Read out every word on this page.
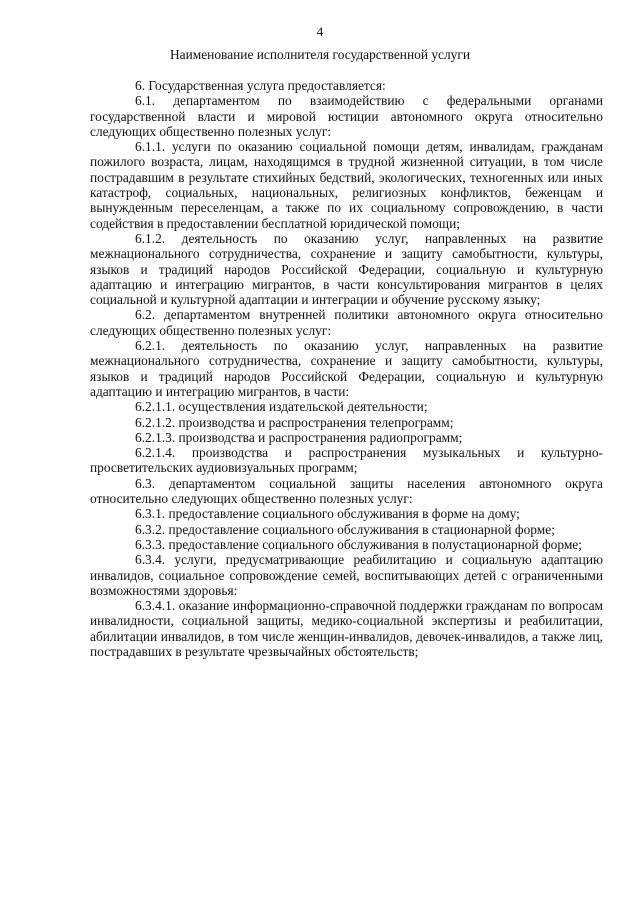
4
Наименование исполнителя государственной услуги

6. Государственная услуга предоставляется:

6.1. департаментом по взаимодействию с федеральными органами государственной власти и мировой юстиции автономного округа относительно следующих общественно полезных услуг:

6.1.1. услуги по оказанию социальной помощи детям, инвалидам, гражданам пожилого возраста, лицам, находящимся в трудной жизненной ситуации, в том числе пострадавшим в результате стихийных бедствий, экологических, техногенных или иных катастроф, социальных, национальных, религиозных конфликтов, беженцам и вынужденным переселенцам, а также по их социальному сопровождению, в части содействия в предоставлении бесплатной юридической помощи;

6.1.2. деятельность по оказанию услуг, направленных на развитие межнационального сотрудничества, сохранение и защиту самобытности, культуры, языков и традиций народов Российской Федерации, социальную и культурную адаптацию и интеграцию мигрантов, в части консультирования мигрантов в целях социальной и культурной адаптации и интеграции и обучение русскому языку;

6.2. департаментом внутренней политики автономного округа относительно следующих общественно полезных услуг:

6.2.1. деятельность по оказанию услуг, направленных на развитие межнационального сотрудничества, сохранение и защиту самобытности, культуры, языков и традиций народов Российской Федерации, социальную и культурную адаптацию и интеграцию мигрантов, в части:

6.2.1.1. осуществления издательской деятельности;

6.2.1.2. производства и распространения телепрограмм;

6.2.1.3. производства и распространения радиопрограмм;

6.2.1.4. производства и распространения музыкальных и культурно-просветительских аудиовизуальных программ;

6.3. департаментом социальной защиты населения автономного округа относительно следующих общественно полезных услуг:

6.3.1. предоставление социального обслуживания в форме на дому;

6.3.2. предоставление социального обслуживания в стационарной форме;

6.3.3. предоставление социального обслуживания в полустационарной форме;

6.3.4. услуги, предусматривающие реабилитацию и социальную адаптацию инвалидов, социальное сопровождение семей, воспитывающих детей с ограниченными возможностями здоровья:

6.3.4.1. оказание информационно-справочной поддержки гражданам по вопросам инвалидности, социальной защиты, медико-социальной экспертизы и реабилитации, абилитации инвалидов, в том числе женщин-инвалидов, девочек-инвалидов, а также лиц, пострадавших в результате чрезвычайных обстоятельств;
